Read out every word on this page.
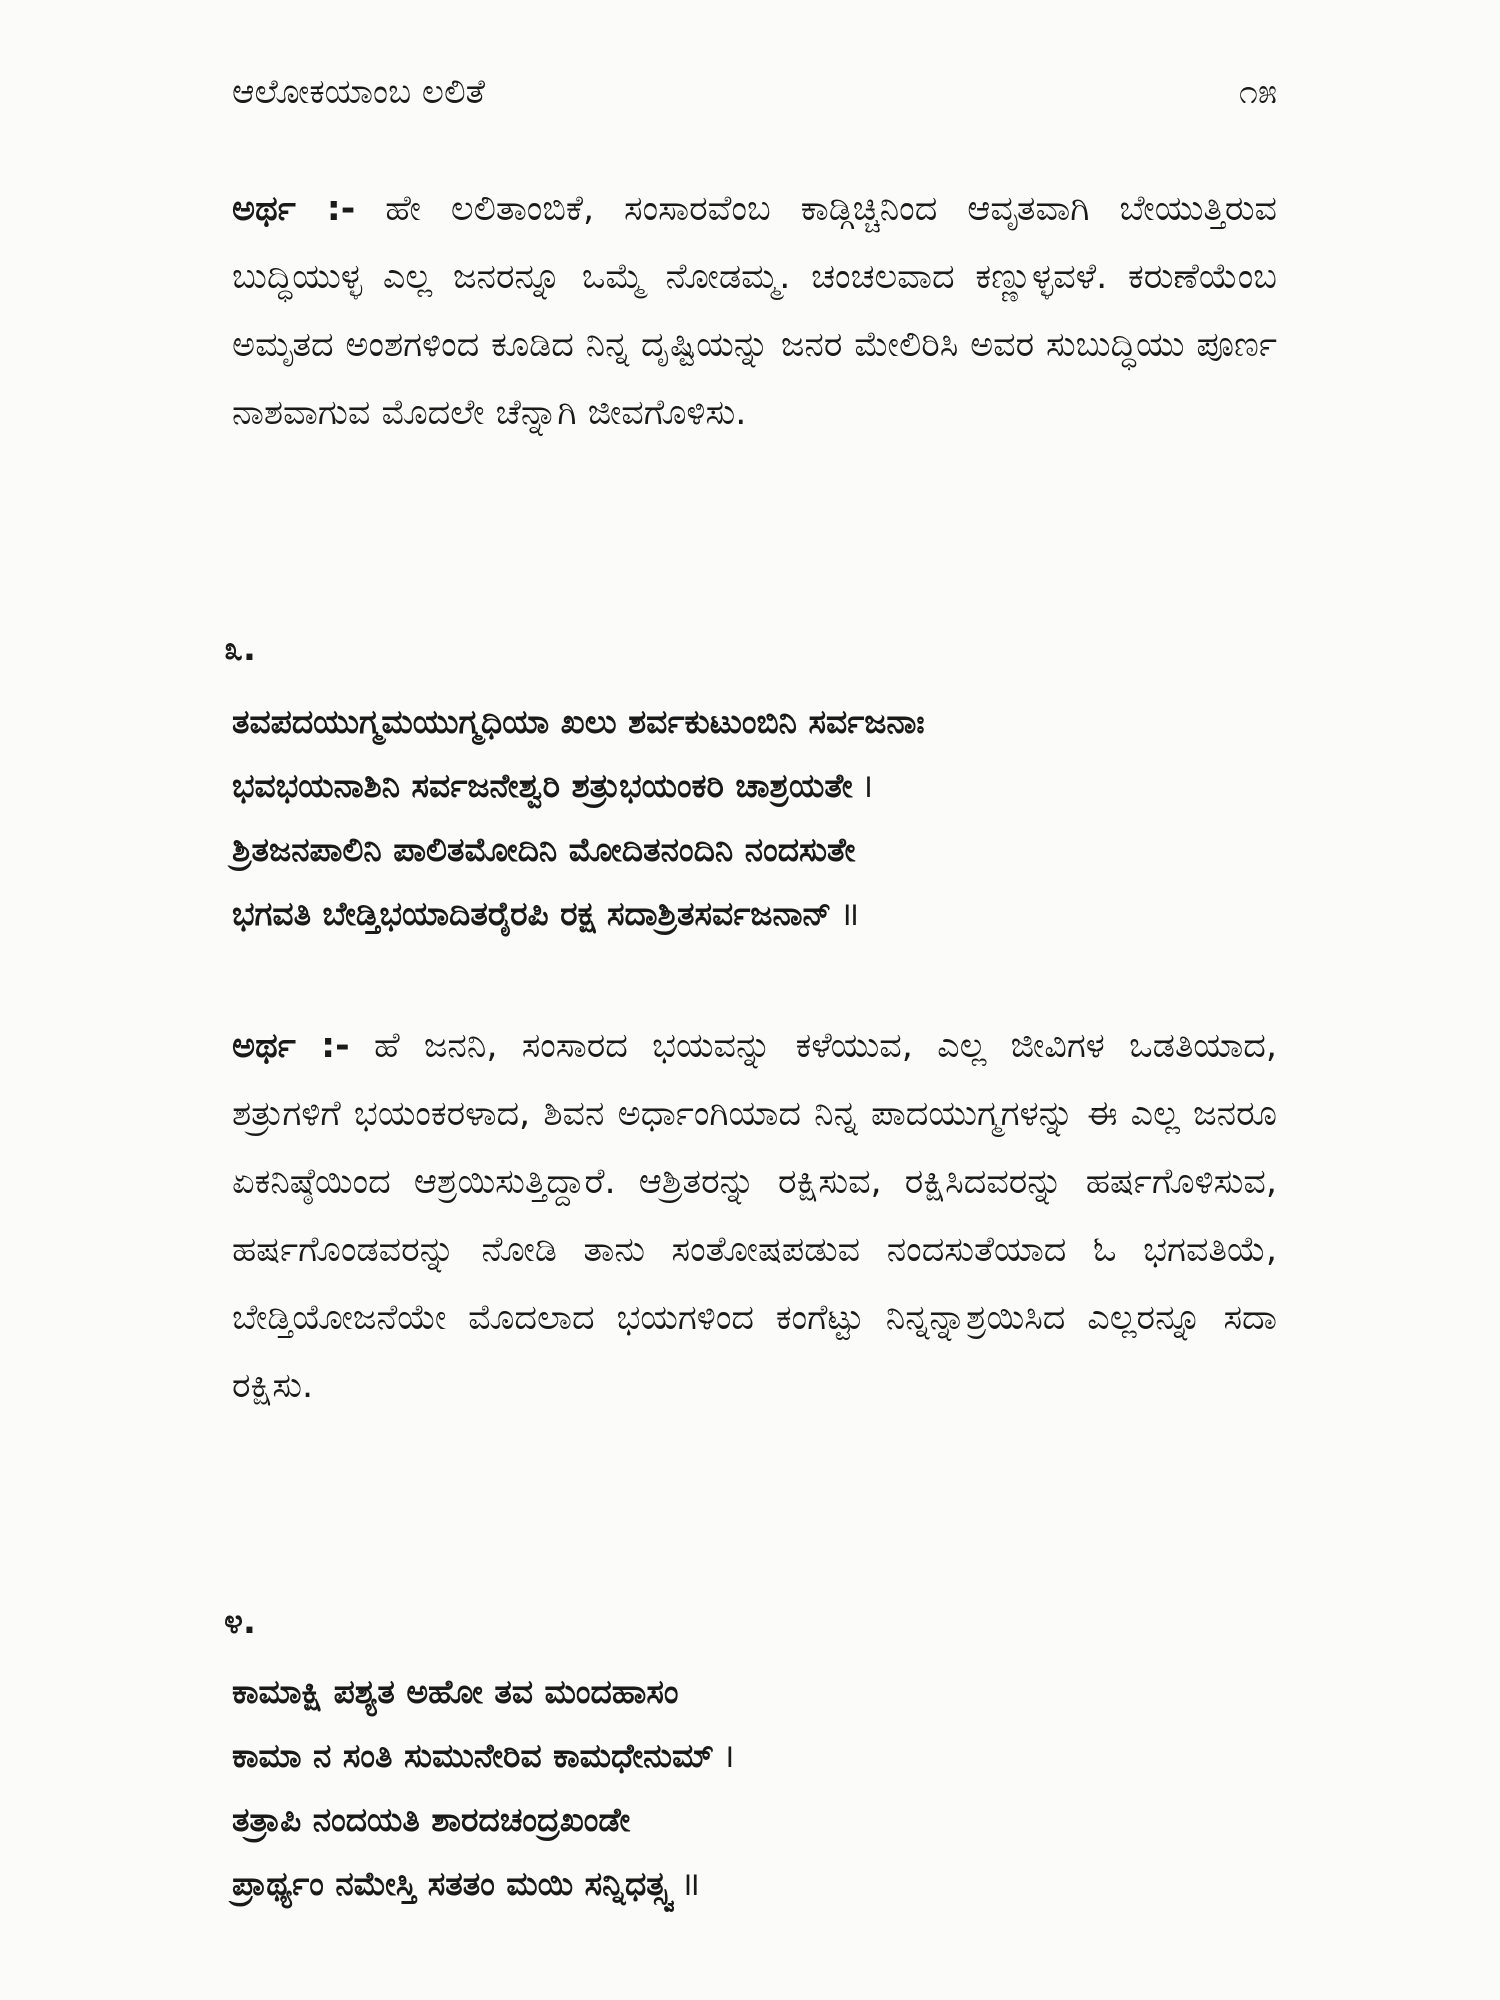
ಆಲೋಕಯಾಂಬ ಲಲಿತೆ	೧೫

ಅರ್ಥ :- ಹೇ ಲಲಿತಾಂಬಿಕೆ, ಸಂಸಾರವೆಂಬ ಕಾಡ್ಗಿಚ್ಚಿನಿಂದ ಆವೃತವಾಗಿ ಬೇಯುತ್ತಿರುವ ಬುದ್ಧಿಯುಳ್ಳ ಎಲ್ಲ ಜನರನ್ನೂ ಒಮ್ಮೆ ನೋಡಮ್ಮ. ಚಂಚಲವಾದ ಕಣ್ಣುಳ್ಳವಳೆ. ಕರುಣೆಯೆಂಬ ಅಮೃತದ ಅಂಶಗಳಿಂದ ಕೂಡಿದ ನಿನ್ನ ದೃಷ್ಟಿಯನ್ನು ಜನರ ಮೇಲಿರಿಸಿ ಅವರ ಸುಬುದ್ಧಿಯು ಪೂರ್ಣ ನಾಶವಾಗುವ ಮೊದಲೇ ಚೆನ್ನಾಗಿ ಜೀವಗೊಳಿಸು.

೩.
ತವಪದಯುಗ್ಮಮಯುಗ್ಮಧಿಯಾ ಖಲು ಶರ್ವಕುಟುಂಬಿನಿ ಸರ್ವಜನಾಃ
ಭವಭಯನಾಶಿನಿ ಸರ್ವಜನೇಶ್ವರಿ ಶತ್ರುಭಯಂಕರಿ ಚಾಶ್ರಯತೇ ।
ಶ್ರಿತಜನಪಾಲಿನಿ ಪಾಲಿತಮೋದಿನಿ ಮೋದಿತನಂದಿನಿ ನಂದಸುತೇ
ಭಗವತಿ ಬೇಡ್ತಿಭಯಾದಿತರೈರಪಿ ರಕ್ಷ ಸದಾಶ್ರಿತಸರ್ವಜನಾನ್ ॥

ಅರ್ಥ :- ಹೆ ಜನನಿ, ಸಂಸಾರದ ಭಯವನ್ನು ಕಳೆಯುವ, ಎಲ್ಲ ಜೀವಿಗಳ ಒಡತಿಯಾದ, ಶತ್ರುಗಳಿಗೆ ಭಯಂಕರಳಾದ, ಶಿವನ ಅರ್ಧಾಂಗಿಯಾದ ನಿನ್ನ ಪಾದಯುಗ್ಮಗಳನ್ನು ಈ ಎಲ್ಲ ಜನರೂ ಏಕನಿಷ್ಠೆಯಿಂದ ಆಶ್ರಯಿಸುತ್ತಿದ್ದಾರೆ. ಆಶ್ರಿತರನ್ನು ರಕ್ಷಿಸುವ, ರಕ್ಷಿಸಿದವರನ್ನು ಹರ್ಷಗೊಳಿಸುವ, ಹರ್ಷಗೊಂಡವರನ್ನು ನೋಡಿ ತಾನು ಸಂತೋಷಪಡುವ ನಂದಸುತೆಯಾದ ಓ ಭಗವತಿಯೆ, ಬೇಡ್ತಿಯೋಜನೆಯೇ ಮೊದಲಾದ ಭಯಗಳಿಂದ ಕಂಗೆಟ್ಟು ನಿನ್ನನ್ನಾಶ್ರಯಿಸಿದ ಎಲ್ಲರನ್ನೂ ಸದಾ ರಕ್ಷಿಸು.

೪.
ಕಾಮಾಕ್ಷಿ ಪಶ್ಯತ ಅಹೋ ತವ ಮಂದಹಾಸಂ
ಕಾಮಾ ನ ಸಂತಿ ಸುಮುನೇರಿವ ಕಾಮಧೇನುಮ್ ।
ತತ್ರಾಪಿ ನಂದಯತಿ ಶಾರದಚಂದ್ರಖಂಡೇ
ಪ್ರಾರ್ಥ್ಯಂ ನಮೇಸ್ತಿ ಸತತಂ ಮಯಿ ಸನ್ನಿಧತ್ಸ್ವ ॥
